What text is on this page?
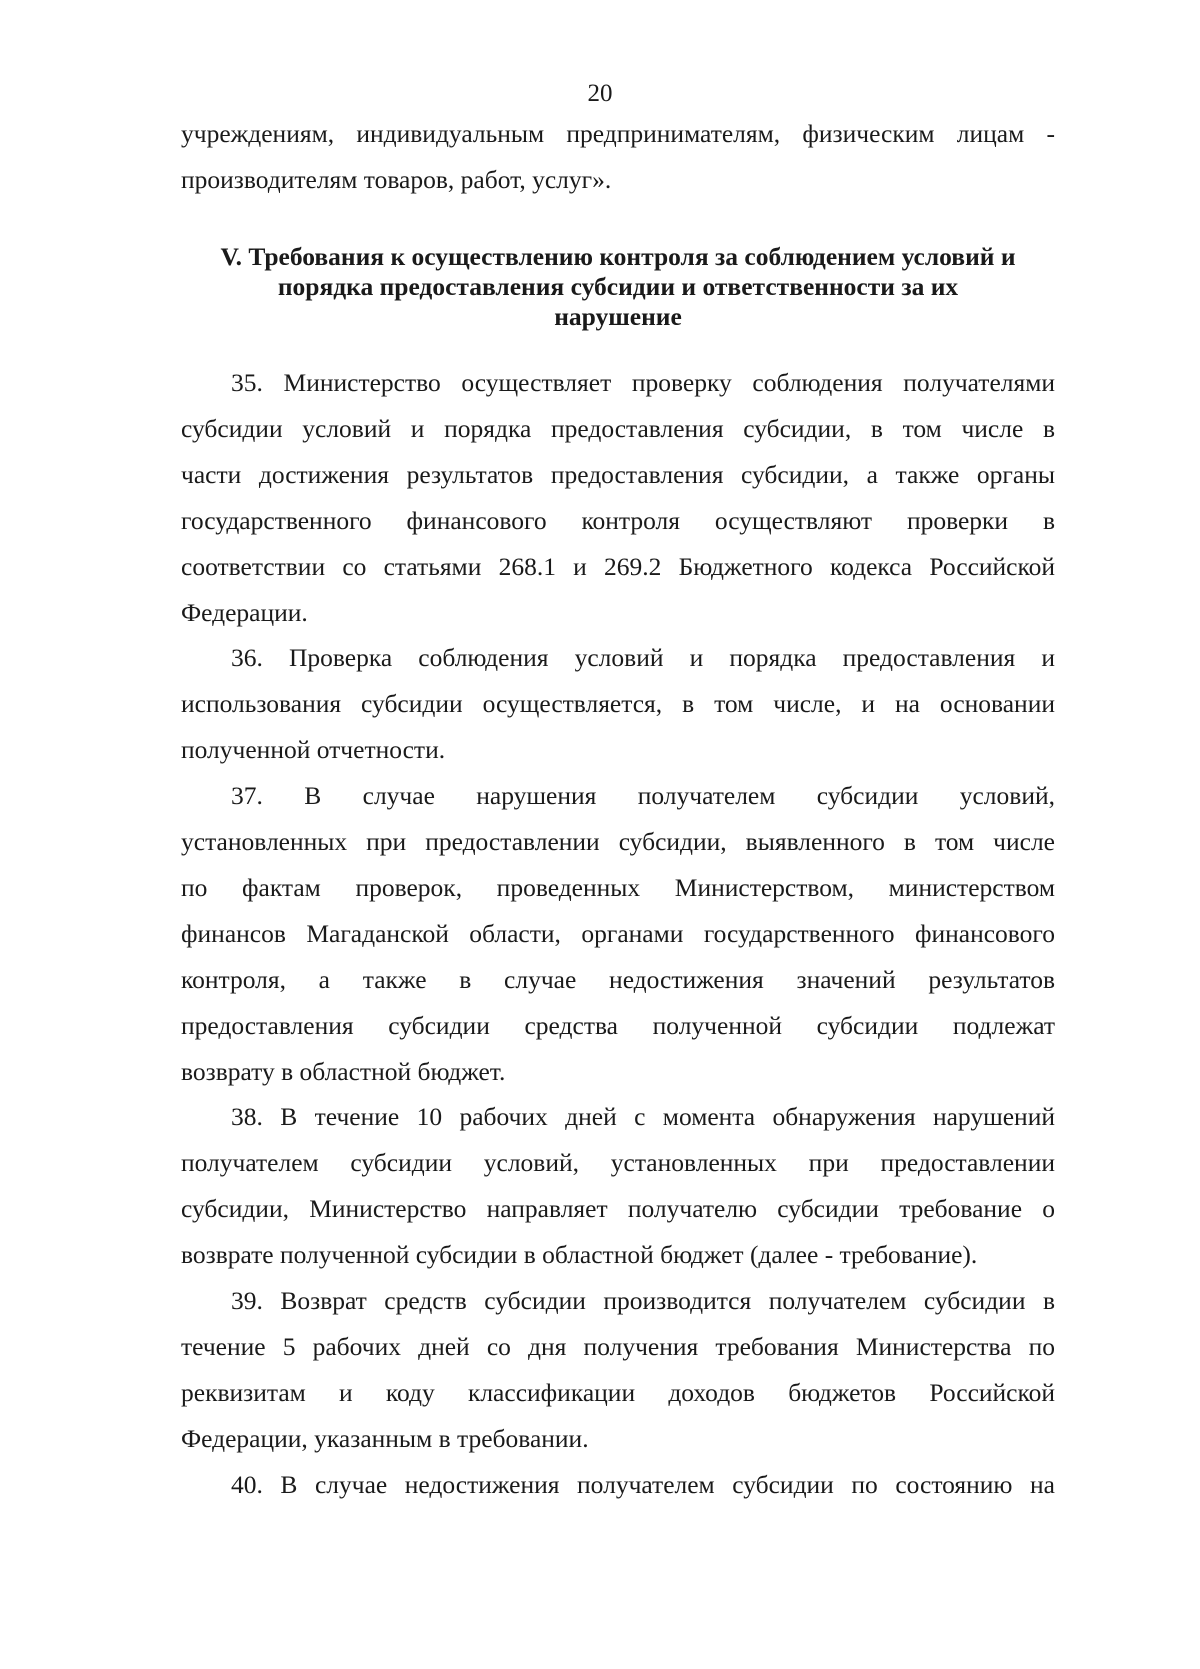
20
учреждениям, индивидуальным предпринимателям, физическим лицам -
производителям товаров, работ, услуг».
V. Требования к осуществлению контроля за соблюдением условий и
порядка предоставления субсидии и ответственности за их
нарушение
35. Министерство осуществляет проверку соблюдения получателями
субсидии условий и порядка предоставления субсидии, в том числе в
части достижения результатов предоставления субсидии, а также органы
государственного финансового контроля осуществляют проверки в
соответствии со статьями 268.1 и 269.2 Бюджетного кодекса Российской
Федерации.
36. Проверка соблюдения условий и порядка предоставления и
использования субсидии осуществляется, в том числе, и на основании
полученной отчетности.
37. В случае нарушения получателем субсидии условий,
установленных при предоставлении субсидии, выявленного в том числе
по фактам проверок, проведенных Министерством, министерством
финансов Магаданской области, органами государственного финансового
контроля, а также в случае недостижения значений результатов
предоставления субсидии средства полученной субсидии подлежат
возврату в областной бюджет.
38. В течение 10 рабочих дней с момента обнаружения нарушений
получателем субсидии условий, установленных при предоставлении
субсидии, Министерство направляет получателю субсидии требование о
возврате полученной субсидии в областной бюджет (далее - требование).
39. Возврат средств субсидии производится получателем субсидии в
течение 5 рабочих дней со дня получения требования Министерства по
реквизитам и коду классификации доходов бюджетов Российской
Федерации, указанным в требовании.
40. В случае недостижения получателем субсидии по состоянию на
